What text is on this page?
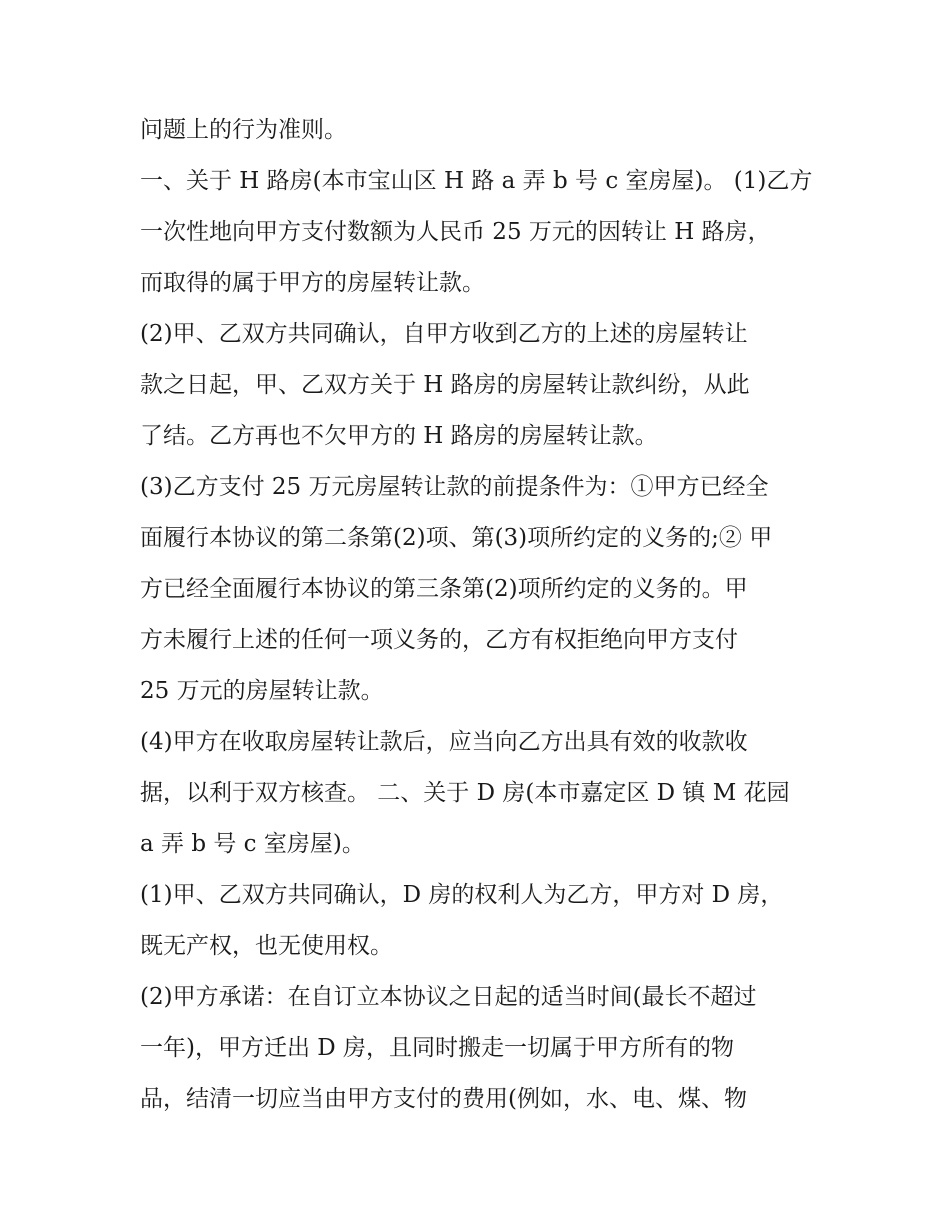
问题上的行为准则。
一、关于 H 路房(本市宝山区 H 路 a 弄 b 号 c 室房屋)。 (1)乙方
一次性地向甲方支付数额为人民币 25 万元的因转让 H 路房，
而取得的属于甲方的房屋转让款。
(2)甲、乙双方共同确认，自甲方收到乙方的上述的房屋转让
款之日起，甲、乙双方关于 H 路房的房屋转让款纠纷，从此
了结。乙方再也不欠甲方的 H 路房的房屋转让款。
(3)乙方支付 25 万元房屋转让款的前提条件为：①甲方已经全
面履行本协议的第二条第(2)项、第(3)项所约定的义务的;② 甲
方已经全面履行本协议的第三条第(2)项所约定的义务的。甲
方未履行上述的任何一项义务的，乙方有权拒绝向甲方支付
25 万元的房屋转让款。
(4)甲方在收取房屋转让款后，应当向乙方出具有效的收款收
据，以利于双方核查。 二、关于 D 房(本市嘉定区 D 镇 M 花园
a 弄 b 号 c 室房屋)。
(1)甲、乙双方共同确认，D 房的权利人为乙方，甲方对 D 房，
既无产权，也无使用权。
(2)甲方承诺：在自订立本协议之日起的适当时间(最长不超过
一年)，甲方迁出 D 房，且同时搬走一切属于甲方所有的物
品，结清一切应当由甲方支付的费用(例如，水、电、煤、物
